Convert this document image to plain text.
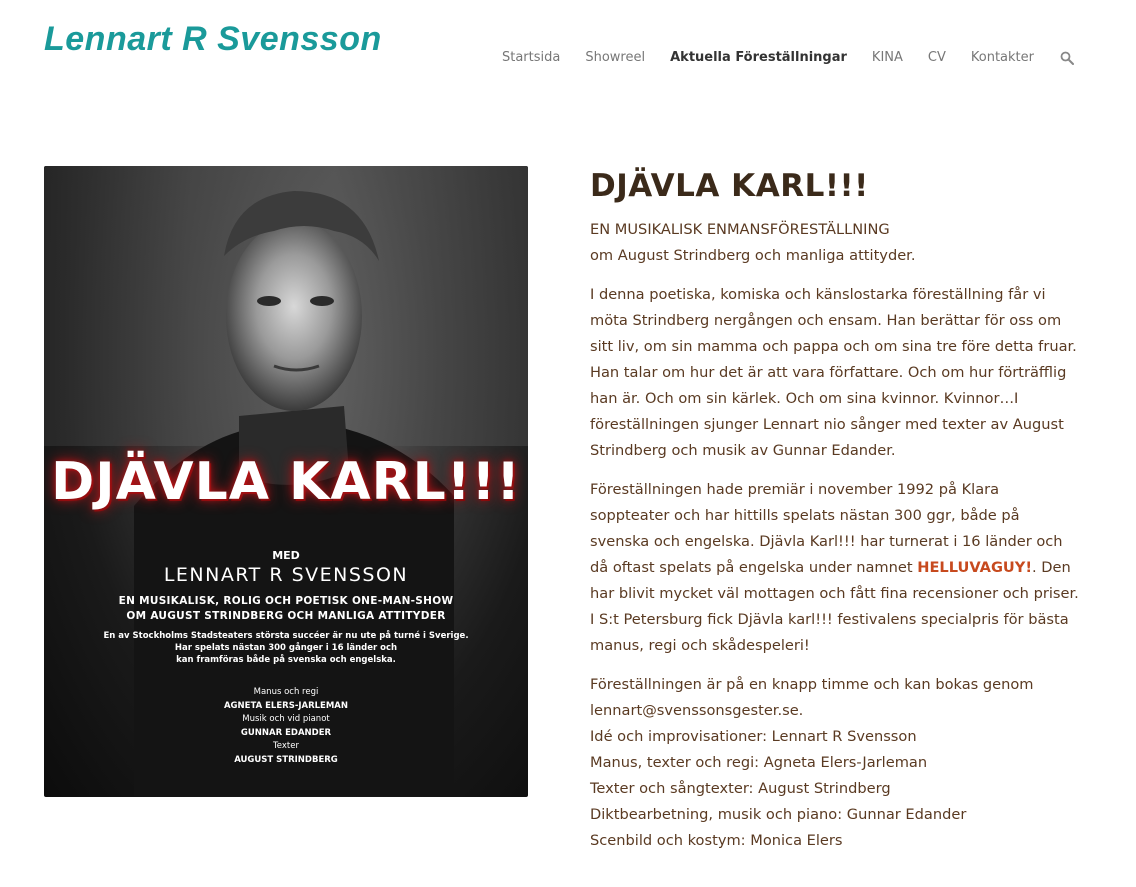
Lennart R Svensson	Startsida Showreel Aktuella Föreställningar KINA CV Kontakter
DJÄVLA KARL!!!
MED
LENNART R SVENSSON
EN MUSIKALISK, ROLIG OCH POETISK ONE-MAN-SHOW
OM AUGUST STRINDBERG OCH MANLIGA ATTITYDER
En av Stockholms Stadsteaters största succéer är nu ute på turné i Sverige.
Har spelats nästan 300 gånger i 16 länder och
kan framföras både på svenska och engelska.
Manus och regi
AGNETA ELERS-JARLEMAN
Musik och vid pianot
GUNNAR EDANDER
Texter
AUGUST STRINDBERG
DJÄVLA KARL!!!

EN MUSIKALISK ENMANSFÖRESTÄLLNING
om August Strindberg och manliga attityder.

I denna poetiska, komiska och känslostarka föreställning får vi möta Strindberg nergången och ensam. Han berättar för oss om sitt liv, om sin mamma och pappa och om sina tre före detta fruar. Han talar om hur det är att vara författare. Och om hur förträfflig han är. Och om sin kärlek. Och om sina kvinnor. Kvinnor…I föreställningen sjunger Lennart nio sånger med texter av August Strindberg och musik av Gunnar Edander.

Föreställningen hade premiär i november 1992 på Klara soppteater och har hittills spelats nästan 300 ggr, både på svenska och engelska. Djävla Karl!!! har turnerat i 16 länder och då oftast spelats på engelska under namnet HELLUVAGUY!. Den har blivit mycket väl mottagen och fått fina recensioner och priser. I S:t Petersburg fick Djävla karl!!! festivalens specialpris för bästa manus, regi och skådespeleri!

Föreställningen är på en knapp timme och kan bokas genom lennart@svenssonsgester.se.
Idé och improvisationer: Lennart R Svensson
Manus, texter och regi: Agneta Elers-Jarleman
Texter och sångtexter: August Strindberg
Diktbearbetning, musik och piano: Gunnar Edander
Scenbild och kostym: Monica Elers
